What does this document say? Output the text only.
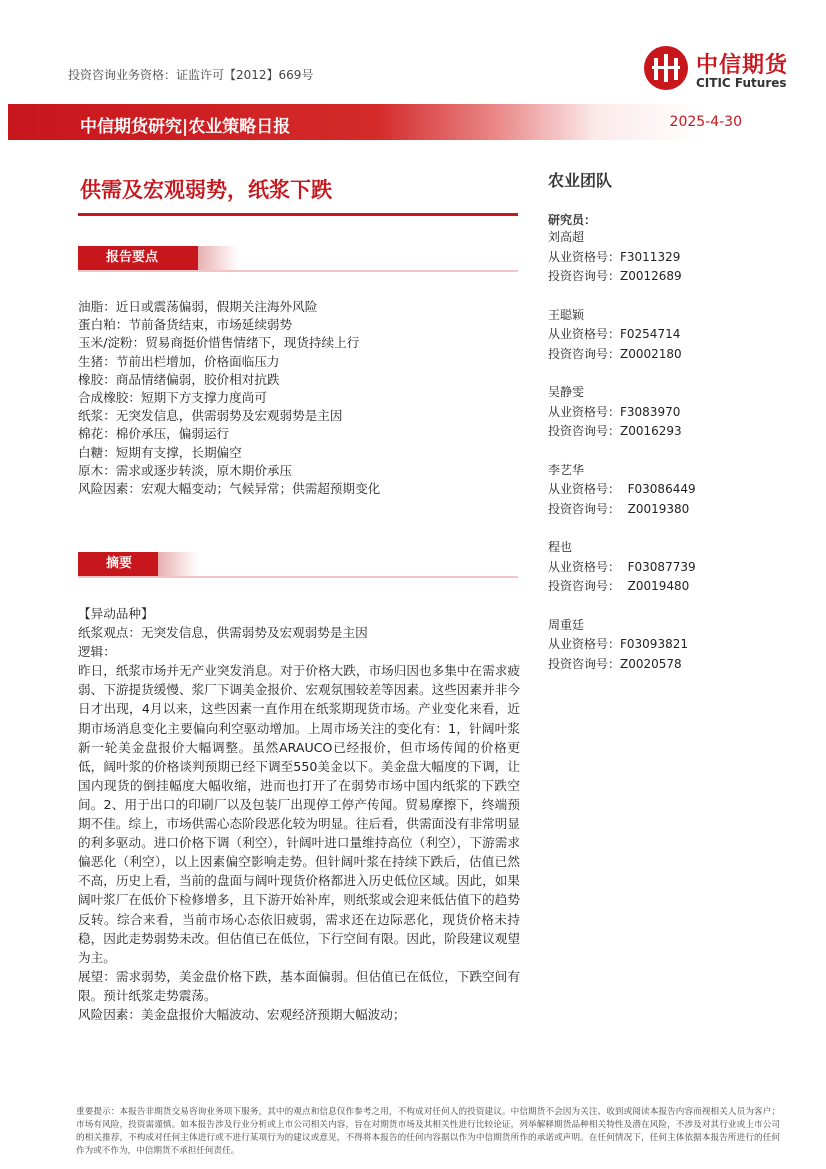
投资咨询业务资格：证监许可【2012】669号	中信期货
CITIC Futures
中信期货研究|农业策略日报	2025-4-30
供需及宏观弱势，纸浆下跌
报告要点
油脂：近日或震荡偏弱，假期关注海外风险
蛋白粕：节前备货结束，市场延续弱势
玉米/淀粉：贸易商挺价惜售情绪下，现货持续上行
生猪：节前出栏增加，价格面临压力
橡胶：商品情绪偏弱，胶价相对抗跌
合成橡胶：短期下方支撑力度尚可
纸浆：无突发信息，供需弱势及宏观弱势是主因
棉花：棉价承压，偏弱运行
白糖：短期有支撑，长期偏空
原木：需求或逐步转淡，原木期价承压
风险因素：宏观大幅变动；气候异常；供需超预期变化
摘要
【异动品种】
纸浆观点：无突发信息，供需弱势及宏观弱势是主因
逻辑：
昨日，纸浆市场并无产业突发消息。对于价格大跌，市场归因也多集中在需求疲弱、下游提货缓慢、浆厂下调美金报价、宏观氛围较差等因素。这些因素并非今日才出现，4月以来，这些因素一直作用在纸浆期现货市场。产业变化来看，近期市场消息变化主要偏向利空驱动增加。上周市场关注的变化有：1，针阔叶浆新一轮美金盘报价大幅调整。虽然ARAUCO已经报价，但市场传闻的价格更低，阔叶浆的价格谈判预期已经下调至550美金以下。美金盘大幅度的下调，让国内现货的倒挂幅度大幅收缩，进而也打开了在弱势市场中国内纸浆的下跌空间。2、用于出口的印刷厂以及包装厂出现停工停产传闻。贸易摩擦下，终端预期不佳。综上，市场供需心态阶段恶化较为明显。往后看，供需面没有非常明显的利多驱动。进口价格下调（利空），针阔叶进口量维持高位（利空），下游需求偏恶化（利空），以上因素偏空影响走势。但针阔叶浆在持续下跌后，估值已然不高，历史上看，当前的盘面与阔叶现货价格都进入历史低位区域。因此，如果阔叶浆厂在低价下检修增多，且下游开始补库，则纸浆或会迎来低估值下的趋势反转。综合来看，当前市场心态依旧疲弱，需求还在边际恶化，现货价格未持稳，因此走势弱势未改。但估值已在低位，下行空间有限。因此，阶段建议观望为主。
展望：需求弱势，美金盘价格下跌，基本面偏弱。但估值已在低位，下跌空间有限。预计纸浆走势震荡。
风险因素：美金盘报价大幅波动、宏观经济预期大幅波动；
农业团队
研究员：
刘高超
从业资格号：F3011329
投资咨询号：Z0012689
王聪颖
从业资格号：F0254714
投资咨询号：Z0002180
吴静雯
从业资格号：F3083970
投资咨询号：Z0016293
李艺华
从业资格号：  F03086449
投资咨询号：  Z0019380
程也
从业资格号：  F03087739
投资咨询号：  Z0019480
周重廷
从业资格号：F03093821
投资咨询号：Z0020578
重要提示：本报告非期货交易咨询业务项下服务，其中的观点和信息仅作参考之用，不构成对任何人的投资建议。中信期货不会因为关注、收到或阅读本报告内容而视相关人员为客户；市场有风险，投资需谨慎。如本报告涉及行业分析或上市公司相关内容，旨在对期货市场及其相关性进行比较论证，列举解释期货品种相关特性及潜在风险，不涉及对其行业或上市公司的相关推荐，不构成对任何主体进行或不进行某项行为的建议或意见，不得将本报告的任何内容据以作为中信期货所作的承诺或声明。在任何情况下，任何主体依据本报告所进行的任何作为或不作为，中信期货不承担任何责任。
